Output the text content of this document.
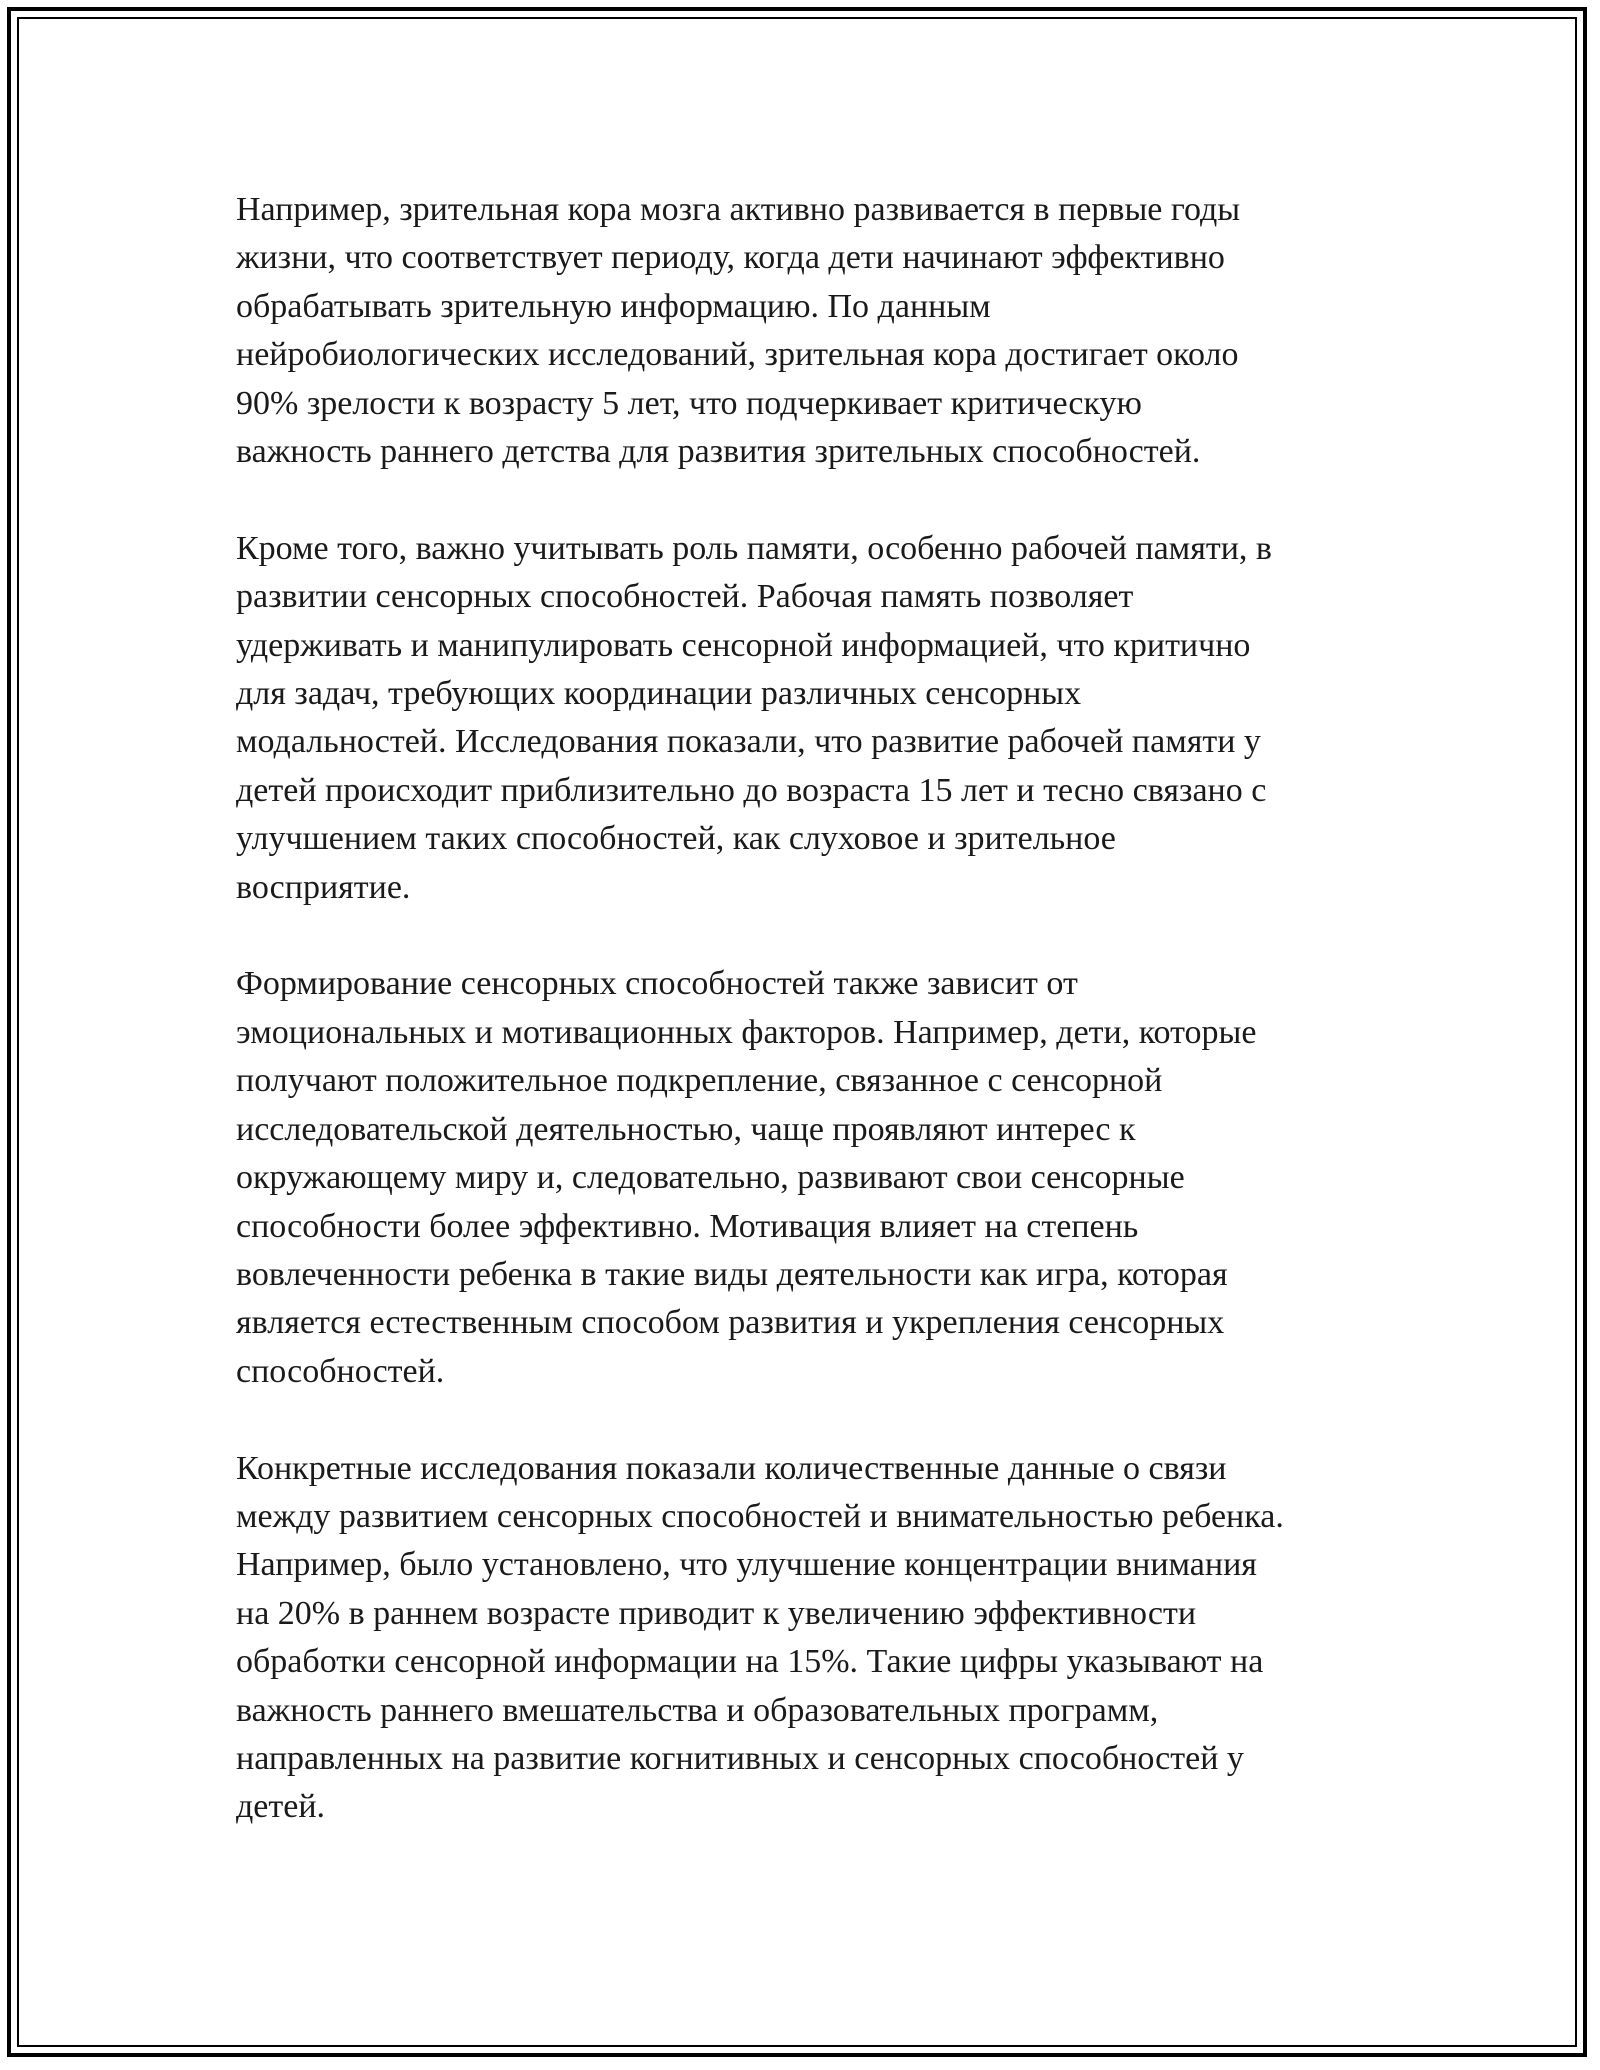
Например, зрительная кора мозга активно развивается в первые годы
жизни, что соответствует периоду, когда дети начинают эффективно
обрабатывать зрительную информацию. По данным
нейробиологических исследований, зрительная кора достигает около
90% зрелости к возрасту 5 лет, что подчеркивает критическую
важность раннего детства для развития зрительных способностей.

Кроме того, важно учитывать роль памяти, особенно рабочей памяти, в
развитии сенсорных способностей. Рабочая память позволяет
удерживать и манипулировать сенсорной информацией, что критично
для задач, требующих координации различных сенсорных
модальностей. Исследования показали, что развитие рабочей памяти у
детей происходит приблизительно до возраста 15 лет и тесно связано с
улучшением таких способностей, как слуховое и зрительное
восприятие.

Формирование сенсорных способностей также зависит от
эмоциональных и мотивационных факторов. Например, дети, которые
получают положительное подкрепление, связанное с сенсорной
исследовательской деятельностью, чаще проявляют интерес к
окружающему миру и, следовательно, развивают свои сенсорные
способности более эффективно. Мотивация влияет на степень
вовлеченности ребенка в такие виды деятельности как игра, которая
является естественным способом развития и укрепления сенсорных
способностей.

Конкретные исследования показали количественные данные о связи
между развитием сенсорных способностей и внимательностью ребенка.
Например, было установлено, что улучшение концентрации внимания
на 20% в раннем возрасте приводит к увеличению эффективности
обработки сенсорной информации на 15%. Такие цифры указывают на
важность раннего вмешательства и образовательных программ,
направленных на развитие когнитивных и сенсорных способностей у
детей.
